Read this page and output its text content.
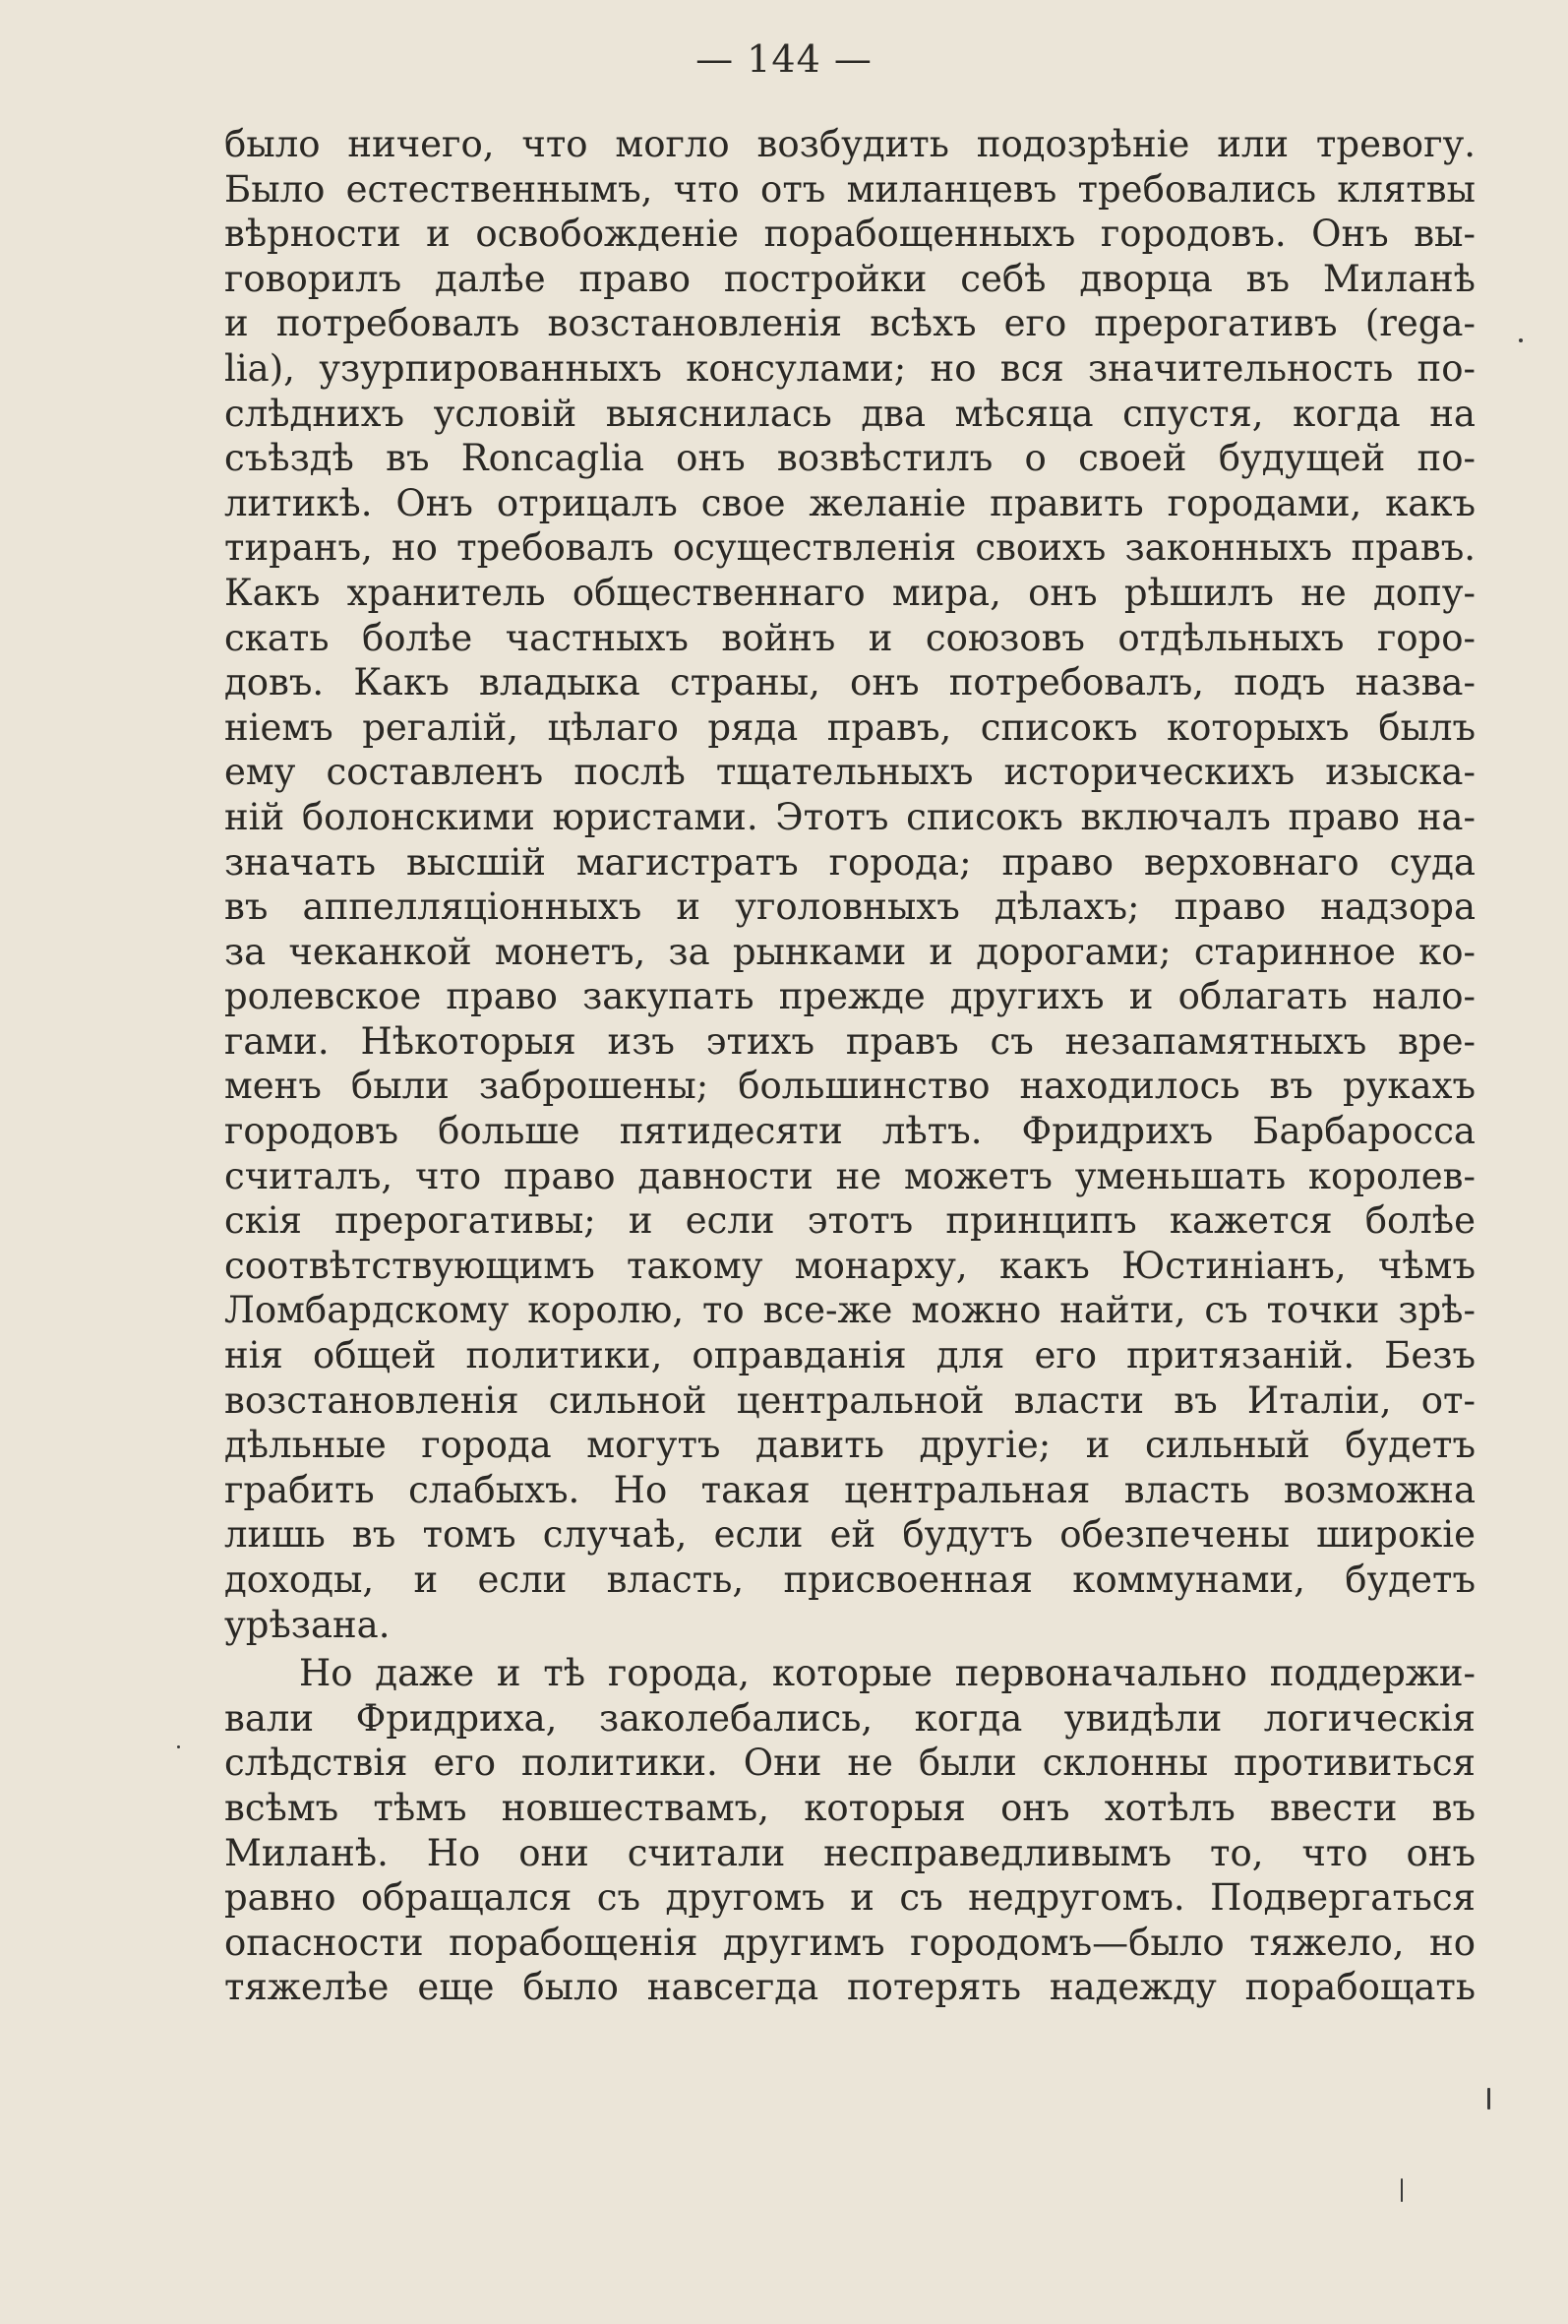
— 144 —
было ничего, что могло возбудить подозрѣніе или тревогу.
Было естественнымъ, что отъ миланцевъ требовались клятвы
вѣрности и освобожденіе порабощенныхъ городовъ. Онъ вы-
говорилъ далѣе право постройки себѣ дворца въ Миланѣ
и потребовалъ возстановленія всѣхъ его прерогативъ (rega-
lia), узурпированныхъ консулами; но вся значительность по-
слѣднихъ условій выяснилась два мѣсяца спустя, когда на
съѣздѣ въ Roncaglia онъ возвѣстилъ о своей будущей по-
литикѣ. Онъ отрицалъ свое желаніе править городами, какъ
тиранъ, но требовалъ осуществленія своихъ законныхъ правъ.
Какъ хранитель общественнаго мира, онъ рѣшилъ не допу-
скать болѣе частныхъ войнъ и союзовъ отдѣльныхъ горо-
довъ. Какъ владыка страны, онъ потребовалъ, подъ назва-
ніемъ регалій, цѣлаго ряда правъ, списокъ которыхъ былъ
ему составленъ послѣ тщательныхъ историческихъ изыска-
ній болонскими юристами. Этотъ списокъ включалъ право на-
значать высшій магистратъ города; право верховнаго суда
въ аппелляціонныхъ и уголовныхъ дѣлахъ; право надзора
за чеканкой монетъ, за рынками и дорогами; старинное ко-
ролевское право закупать прежде другихъ и облагать нало-
гами. Нѣкоторыя изъ этихъ правъ съ незапамятныхъ вре-
менъ были заброшены; большинство находилось въ рукахъ
городовъ больше пятидесяти лѣтъ. Фридрихъ Барбаросса
считалъ, что право давности не можетъ уменьшать королев-
скія прерогативы; и если этотъ принципъ кажется болѣе
соотвѣтствующимъ такому монарху, какъ Юстиніанъ, чѣмъ
Ломбардскому королю, то все-же можно найти, съ точки зрѣ-
нія общей политики, оправданія для его притязаній. Безъ
возстановленія сильной центральной власти въ Италіи, от-
дѣльные города могутъ давить другіе; и сильный будетъ
грабить слабыхъ. Но такая центральная власть возможна
лишь въ томъ случаѣ, если ей будутъ обезпечены широкіе
доходы, и если власть, присвоенная коммунами, будетъ
урѣзана.
Но даже и тѣ города, которые первоначально поддержи-
вали Фридриха, заколебались, когда увидѣли логическія
слѣдствія его политики. Они не были склонны противиться
всѣмъ тѣмъ новшествамъ, которыя онъ хотѣлъ ввести въ
Миланѣ. Но они считали несправедливымъ то, что онъ
равно обращался съ другомъ и съ недругомъ. Подвергаться
опасности порабощенія другимъ городомъ—было тяжело, но
тяжелѣе еще было навсегда потерять надежду порабощать
